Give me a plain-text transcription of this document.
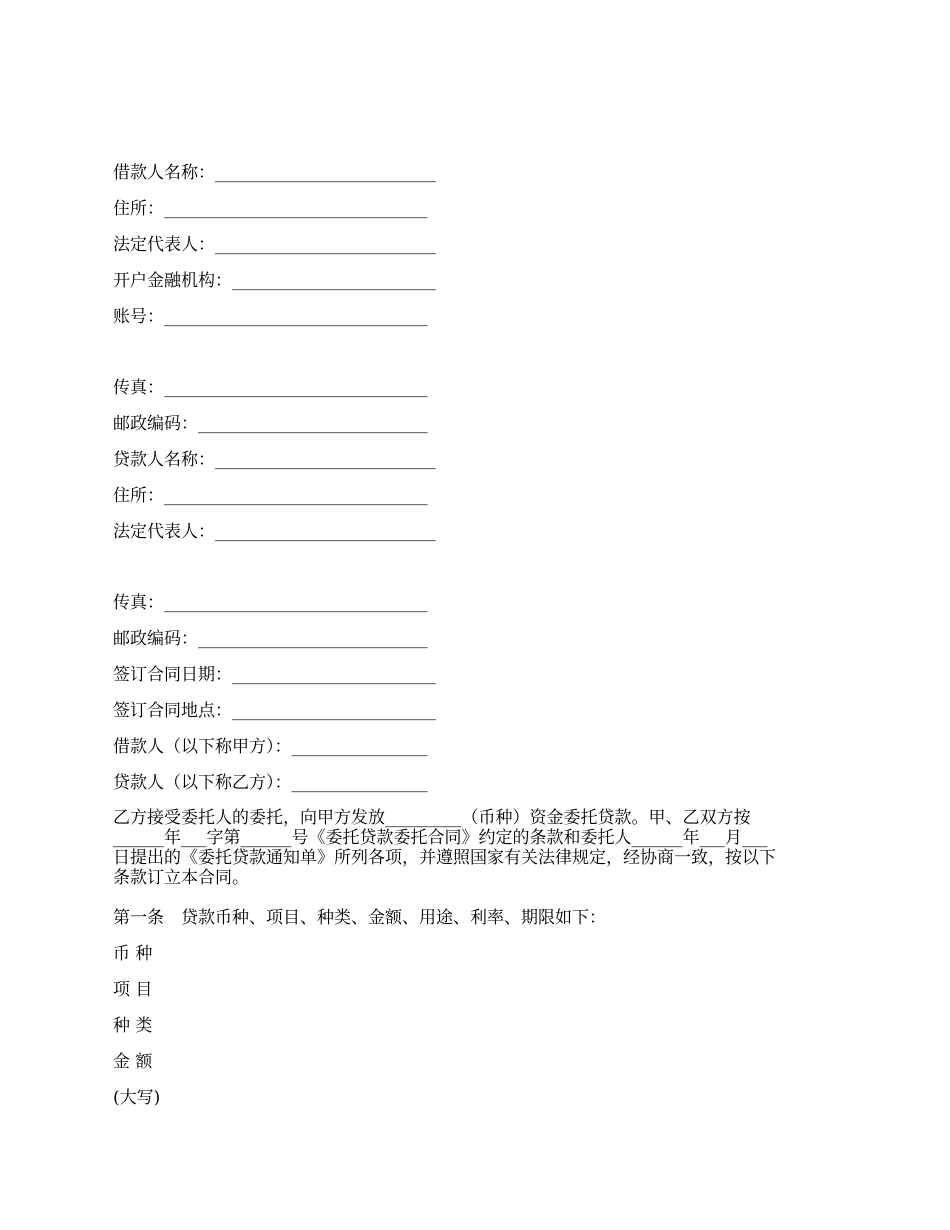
借款人名称：__________________________
住所：_______________________________
法定代表人：__________________________
开户金融机构：________________________
账号：_______________________________
传真：_______________________________
邮政编码：___________________________
贷款人名称：__________________________
住所：_______________________________
法定代表人：__________________________
传真：_______________________________
邮政编码：___________________________
签订合同日期：________________________
签订合同地点：________________________
借款人（以下称甲方）：________________
贷款人（以下称乙方）：________________
乙方接受委托人的委托，向甲方发放_________（币种）资金委托贷款。甲、乙双方按
______年___字第______号《委托贷款委托合同》约定的条款和委托人______年___月___
日提出的《委托贷款通知单》所列各项，并遵照国家有关法律规定，经协商一致，按以下
条款订立本合同。
第一条　贷款币种、项目、种类、金额、用途、利率、期限如下：
币 种
项 目
种 类
金 额
(大写)
